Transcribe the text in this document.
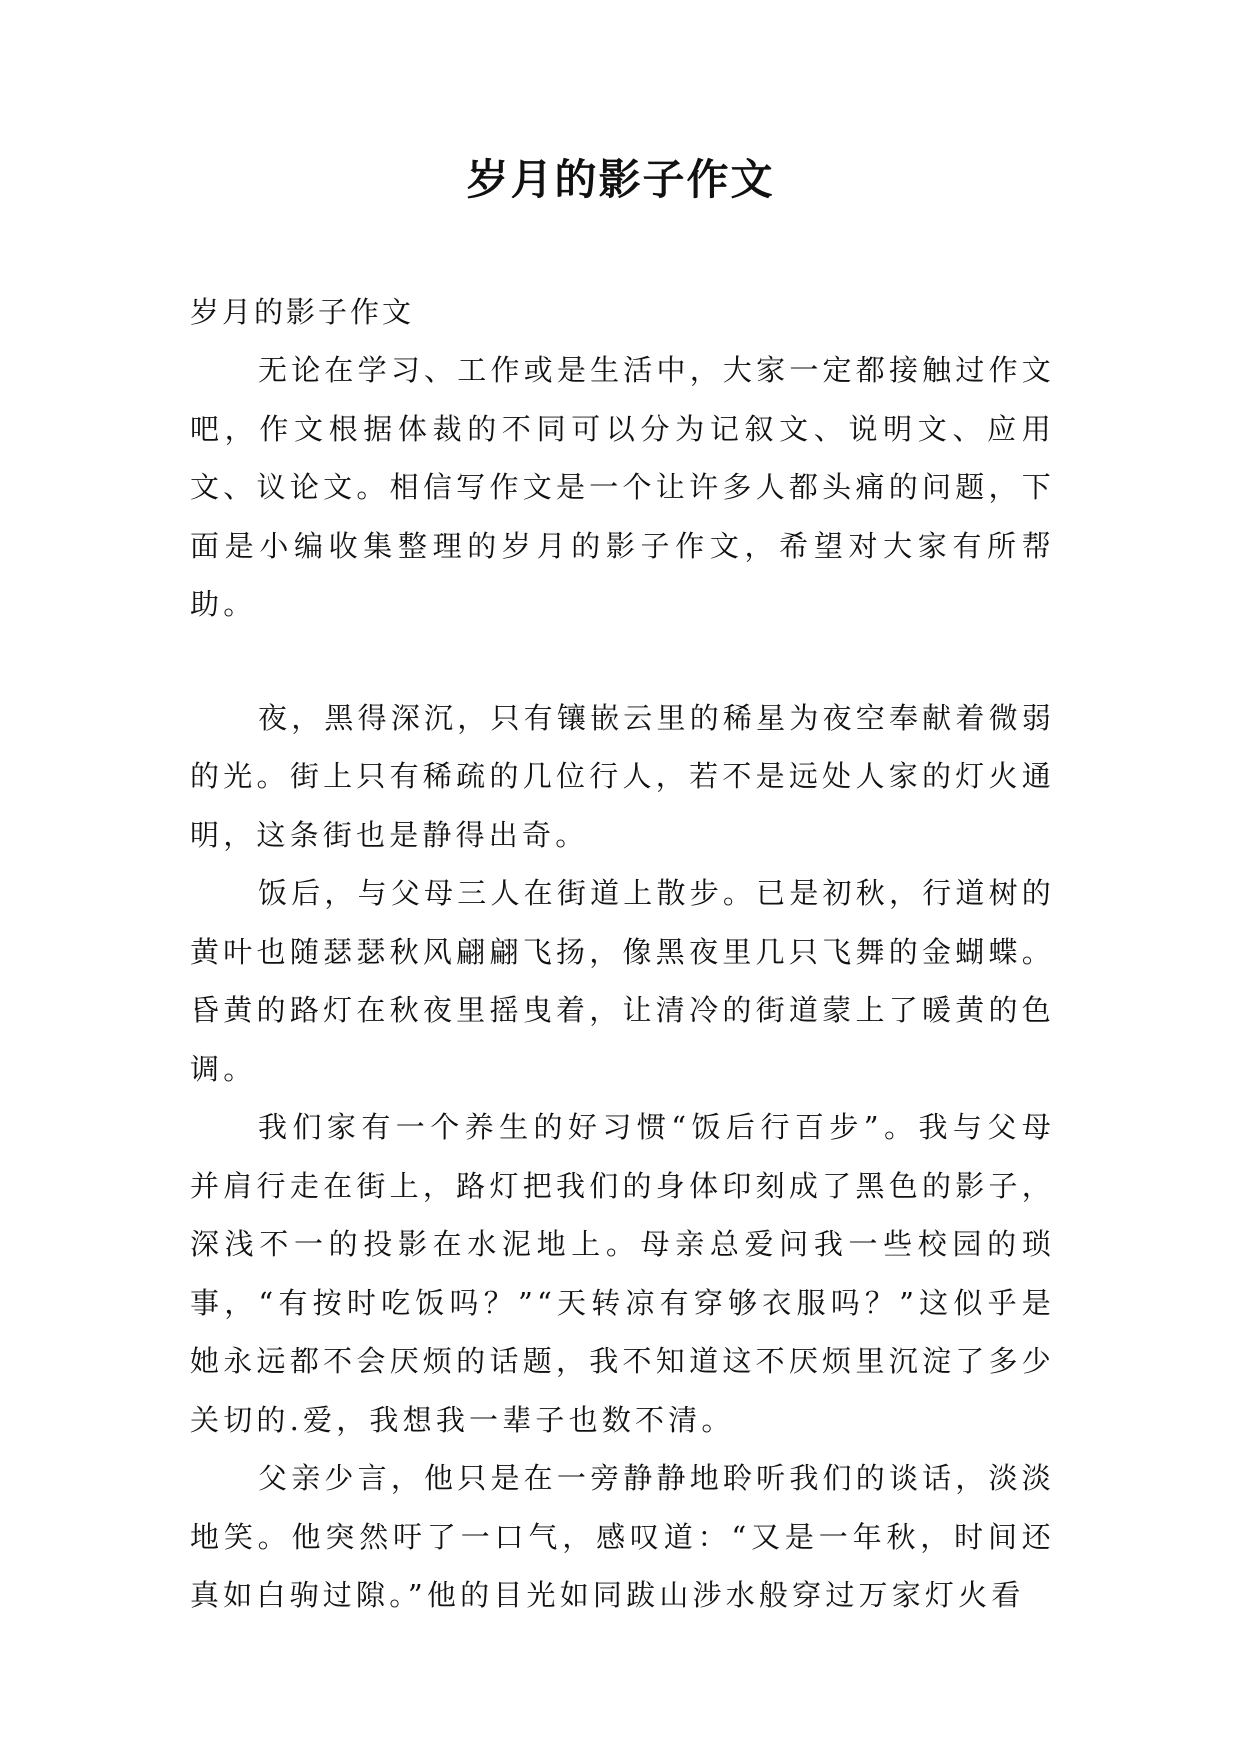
岁月的影子作文

岁月的影子作文

无论在学习、工作或是生活中，大家一定都接触过作文吧，作文根据体裁的不同可以分为记叙文、说明文、应用文、议论文。相信写作文是一个让许多人都头痛的问题，下面是小编收集整理的岁月的影子作文，希望对大家有所帮助。

夜，黑得深沉，只有镶嵌云里的稀星为夜空奉献着微弱的光。街上只有稀疏的几位行人，若不是远处人家的灯火通明，这条街也是静得出奇。

饭后，与父母三人在街道上散步。已是初秋，行道树的黄叶也随瑟瑟秋风翩翩飞扬，像黑夜里几只飞舞的金蝴蝶。昏黄的路灯在秋夜里摇曳着，让清冷的街道蒙上了暖黄的色调。

我们家有一个养生的好习惯“饭后行百步”。我与父母并肩行走在街上，路灯把我们的身体印刻成了黑色的影子，深浅不一的投影在水泥地上。母亲总爱问我一些校园的琐事，“有按时吃饭吗？”“天转凉有穿够衣服吗？”这似乎是她永远都不会厌烦的话题，我不知道这不厌烦里沉淀了多少关切的.爱，我想我一辈子也数不清。

父亲少言，他只是在一旁静静地聆听我们的谈话，淡淡地笑。他突然吁了一口气，感叹道：“又是一年秋，时间还真如白驹过隙。”他的目光如同跋山涉水般穿过万家灯火看
